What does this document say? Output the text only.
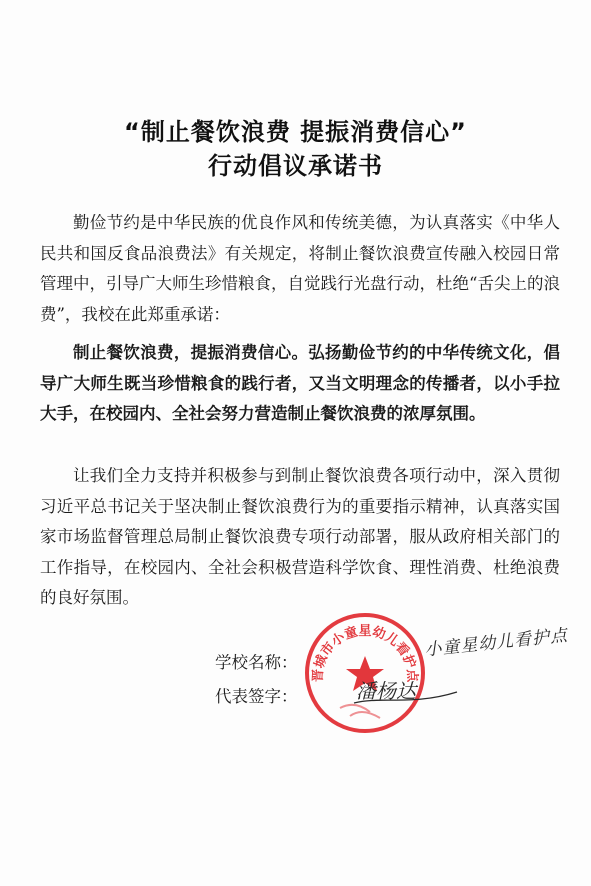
“制止餐饮浪费 提振消费信心”
行动倡议承诺书

勤俭节约是中华民族的优良作风和传统美德，为认真落实《中华人民共和国反食品浪费法》有关规定，将制止餐饮浪费宣传融入校园日常管理中，引导广大师生珍惜粮食，自觉践行光盘行动，杜绝“舌尖上的浪费”，我校在此郑重承诺：

制止餐饮浪费，提振消费信心。弘扬勤俭节约的中华传统文化，倡导广大师生既当珍惜粮食的践行者，又当文明理念的传播者，以小手拉大手，在校园内、全社会努力营造制止餐饮浪费的浓厚氛围。

让我们全力支持并积极参与到制止餐饮浪费各项行动中，深入贯彻习近平总书记关于坚决制止餐饮浪费行为的重要指示精神，认真落实国家市场监督管理总局制止餐饮浪费专项行动部署，服从政府相关部门的工作指导，在校园内、全社会积极营造科学饮食、理性消费、杜绝浪费的良好氛围。

学校名称：
代表签字：
小童星幼儿看护点
晋城市小童星幼儿看护点
潘杨达
